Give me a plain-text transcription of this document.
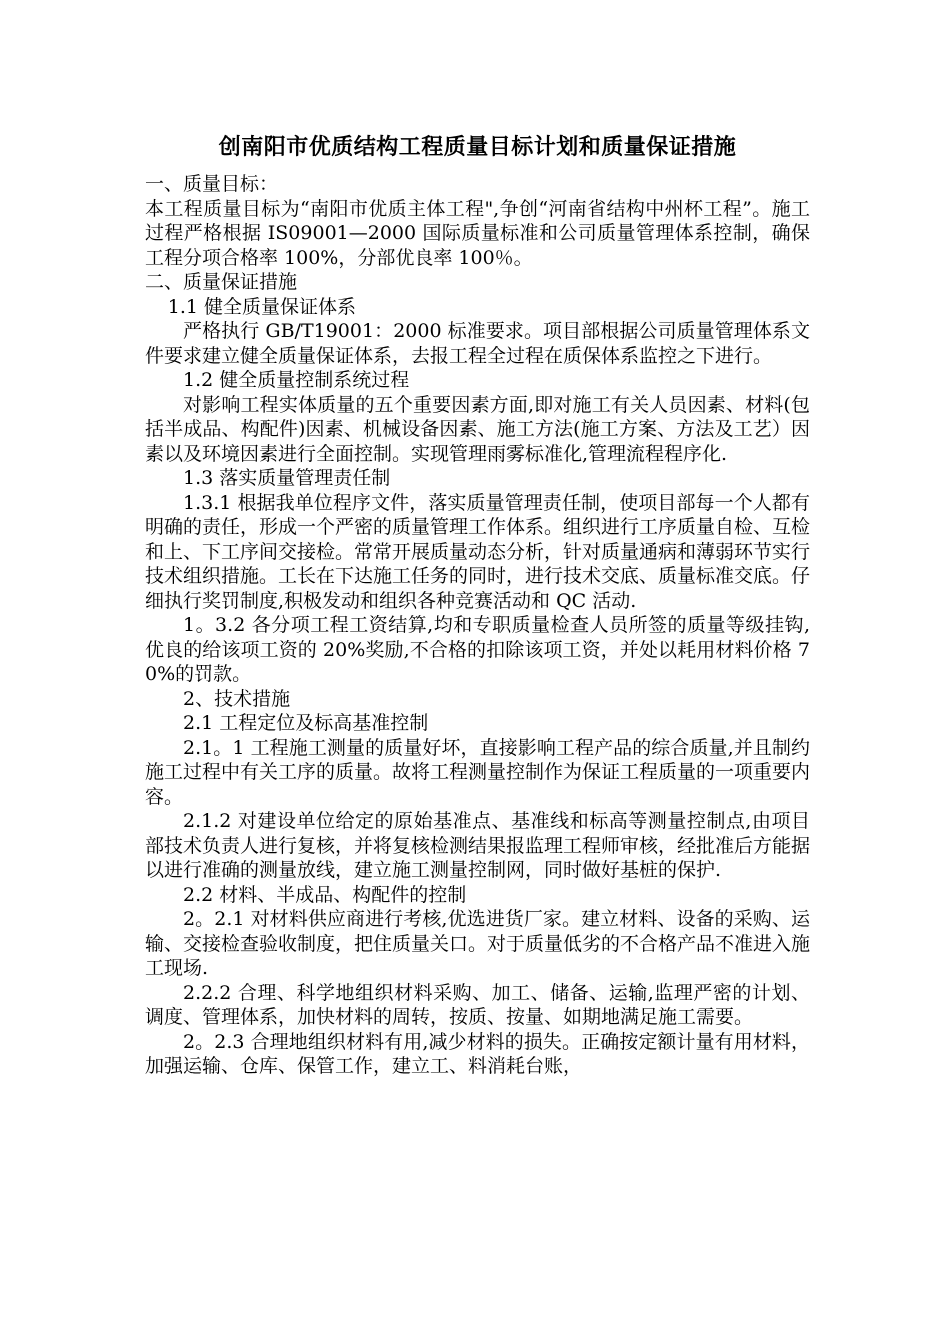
创南阳市优质结构工程质量目标计划和质量保证措施

一、质量目标：

本工程质量目标为“南阳市优质主体工程",争创“河南省结构中州杯工程”。施工过程严格根据 IS09001—2000 国际质量标准和公司质量管理体系控制，确保工程分项合格率 100%，分部优良率 100％。

二、质量保证措施

1.1 健全质量保证体系

严格执行 GB/T19001：2000 标准要求。项目部根据公司质量管理体系文件要求建立健全质量保证体系，去报工程全过程在质保体系监控之下进行。

1.2 健全质量控制系统过程

对影响工程实体质量的五个重要因素方面,即对施工有关人员因素、材料(包括半成品、构配件)因素、机械设备因素、施工方法(施工方案、方法及工艺）因素以及环境因素进行全面控制。实现管理雨雾标准化,管理流程程序化.

1.3 落实质量管理责任制

1.3.1 根据我单位程序文件，落实质量管理责任制，使项目部每一个人都有明确的责任，形成一个严密的质量管理工作体系。组织进行工序质量自检、互检和上、下工序间交接检。常常开展质量动态分析，针对质量通病和薄弱环节实行技术组织措施。工长在下达施工任务的同时，进行技术交底、质量标准交底。仔细执行奖罚制度,积极发动和组织各种竞赛活动和 QC 活动.

1。3.2 各分项工程工资结算,均和专职质量检查人员所签的质量等级挂钩,优良的给该项工资的 20%奖励,不合格的扣除该项工资，并处以耗用材料价格 70%的罚款。

2、技术措施

2.1 工程定位及标高基准控制

2.1。1 工程施工测量的质量好坏，直接影响工程产品的综合质量,并且制约施工过程中有关工序的质量。故将工程测量控制作为保证工程质量的一项重要内容。

2.1.2 对建设单位给定的原始基准点、基准线和标高等测量控制点,由项目部技术负责人进行复核，并将复核检测结果报监理工程师审核，经批准后方能据以进行准确的测量放线，建立施工测量控制网，同时做好基桩的保护.

2.2 材料、半成品、构配件的控制

2。2.1 对材料供应商进行考核,优选进货厂家。建立材料、设备的采购、运输、交接检查验收制度，把住质量关口。对于质量低劣的不合格产品不准进入施工现场.

2.2.2 合理、科学地组织材料采购、加工、储备、运输,监理严密的计划、调度、管理体系，加快材料的周转，按质、按量、如期地满足施工需要。

2。2.3 合理地组织材料有用,减少材料的损失。正确按定额计量有用材料，加强运输、仓库、保管工作，建立工、料消耗台账，
